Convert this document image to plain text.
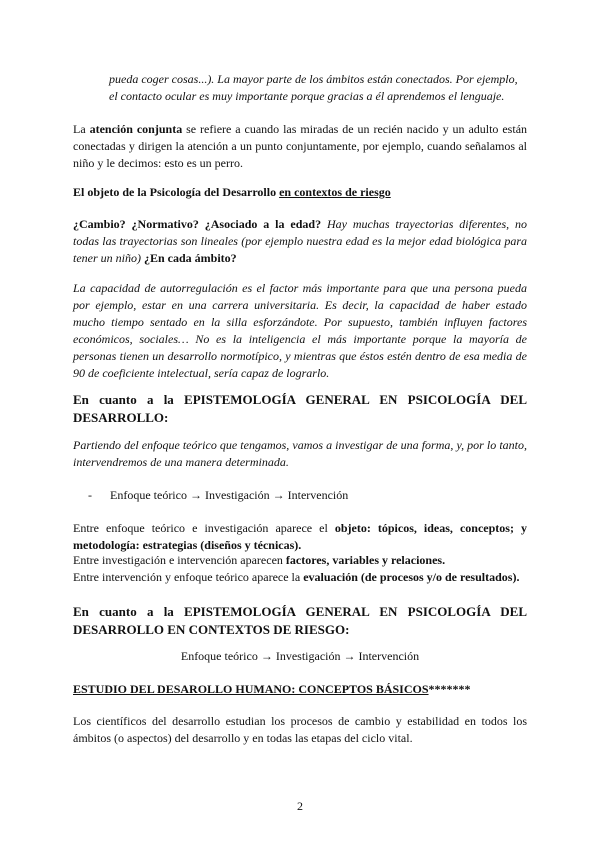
pueda coger cosas...). La mayor parte de los ámbitos están conectados. Por ejemplo,
el contacto ocular es muy importante porque gracias a él aprendemos el lenguaje.

La atención conjunta se refiere a cuando las miradas de un recién nacido y un adulto están conectadas y dirigen la atención a un punto conjuntamente, por ejemplo, cuando señalamos al niño y le decimos: esto es un perro.

El objeto de la Psicología del Desarrollo en contextos de riesgo

¿Cambio? ¿Normativo? ¿Asociado a la edad? Hay muchas trayectorias diferentes, no todas las trayectorias son lineales (por ejemplo nuestra edad es la mejor edad biológica para tener un niño) ¿En cada ámbito?

La capacidad de autorregulación es el factor más importante para que una persona pueda por ejemplo, estar en una carrera universitaria. Es decir, la capacidad de haber estado mucho tiempo sentado en la silla esforzándote. Por supuesto, también influyen factores económicos, sociales… No es la inteligencia el más importante porque la mayoría de personas tienen un desarrollo normotípico, y mientras que éstos estén dentro de esa media de 90 de coeficiente intelectual, sería capaz de lograrlo.

En cuanto a la EPISTEMOLOGÍA GENERAL EN PSICOLOGÍA DEL DESARROLLO:

Partiendo del enfoque teórico que tengamos, vamos a investigar de una forma, y, por lo tanto, intervendremos de una manera determinada.

- Enfoque teórico → Investigación → Intervención

Entre enfoque teórico e investigación aparece el objeto: tópicos, ideas, conceptos; y metodología: estrategias (diseños y técnicas).

Entre investigación e intervención aparecen factores, variables y relaciones.

Entre intervención y enfoque teórico aparece la evaluación (de procesos y/o de resultados).

En cuanto a la EPISTEMOLOGÍA GENERAL EN PSICOLOGÍA DEL DESARROLLO EN CONTEXTOS DE RIESGO:

Enfoque teórico → Investigación → Intervención

ESTUDIO DEL DESAROLLO HUMANO: CONCEPTOS BÁSICOS*******

Los científicos del desarrollo estudian los procesos de cambio y estabilidad en todos los ámbitos (o aspectos) del desarrollo y en todas las etapas del ciclo vital.

2
